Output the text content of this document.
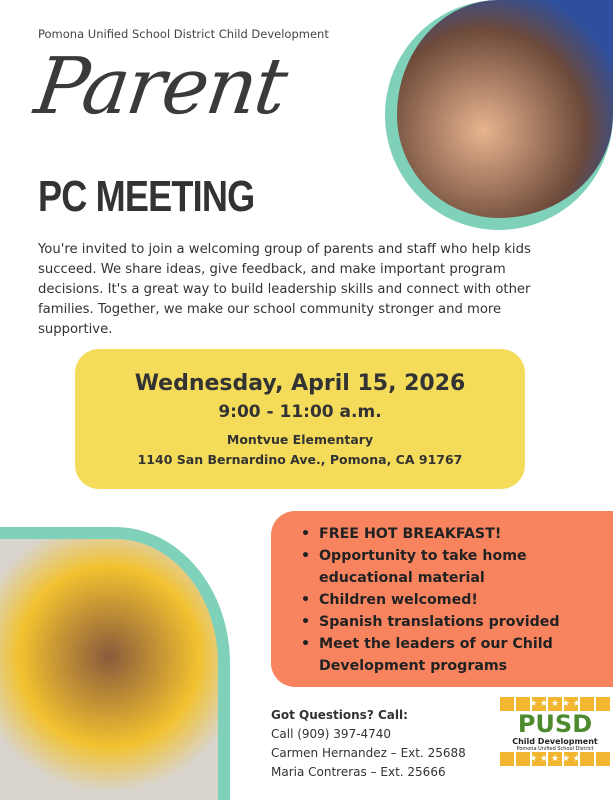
Pomona Unified School District Child Development
Parent
PC MEETING

You're invited to join a welcoming group of parents and staff who help kids succeed. We share ideas, give feedback, and make important program decisions. It's a great way to build leadership skills and connect with other families. Together, we make our school community stronger and more supportive.

Wednesday, April 15, 2026
9:00 - 11:00 a.m.
Montvue Elementary
1140 San Bernardino Ave., Pomona, CA 91767
• FREE HOT BREAKFAST!
• Opportunity to take home educational material
• Children welcomed!
• Spanish translations provided
• Meet the leaders of our Child Development programs
Got Questions? Call:
Call (909) 397-4740
Carmen Hernandez – Ext. 25688
Maria Contreras – Ext. 25666
★ ★ ★ ★ ★
PUSD
Child Development
Pomona Unified School District
★ ★ ★ ★ ★
